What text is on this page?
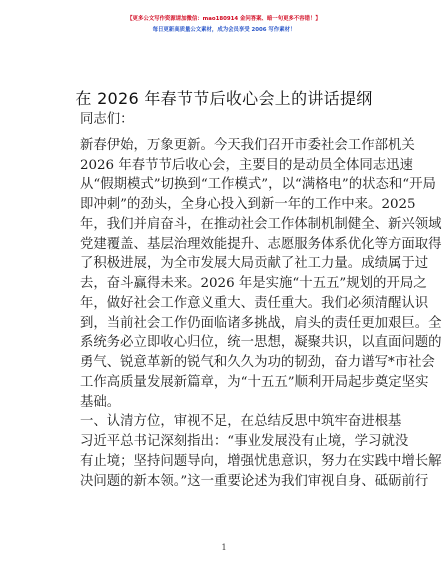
【更多公文写作资源请加微信：mao180914 金问答案、暗一句更多不容错！】
每日更新高质量公文素材，成为会员享受 2006 写作素材！
在 2026 年春节节后收心会上的讲话提纲
同志们：
新春伊始，万象更新。今天我们召开市委社会工作部机关
2026 年春节节后收心会，主要目的是动员全体同志迅速
从“假期模式”切换到“工作模式”，以“满格电”的状态和“开局
即冲刺”的劲头，全身心投入到新一年的工作中来。2025
年，我们并肩奋斗，在推动社会工作体制机制健全、新兴领域
党建覆盖、基层治理效能提升、志愿服务体系优化等方面取得
了积极进展，为全市发展大局贡献了社工力量。成绩属于过
去，奋斗赢得未来。2026 年是实施“十五五”规划的开局之
年，做好社会工作意义重大、责任重大。我们必须清醒认识
到，当前社会工作仍面临诸多挑战，肩头的责任更加艰巨。全
系统务必立即收心归位，统一思想，凝聚共识，以直面问题的
勇气、锐意革新的锐气和久久为功的韧劲，奋力谱写*市社会
工作高质量发展新篇章，为“十五五”顺利开局起步奠定坚实
基础。
一、认清方位，审视不足，在总结反思中筑牢奋进根基
习近平总书记深刻指出：“事业发展没有止境，学习就没
有止境；坚持问题导向，增强忧患意识，努力在实践中增长解
决问题的新本领。”这一重要论述为我们审视自身、砥砺前行
1
